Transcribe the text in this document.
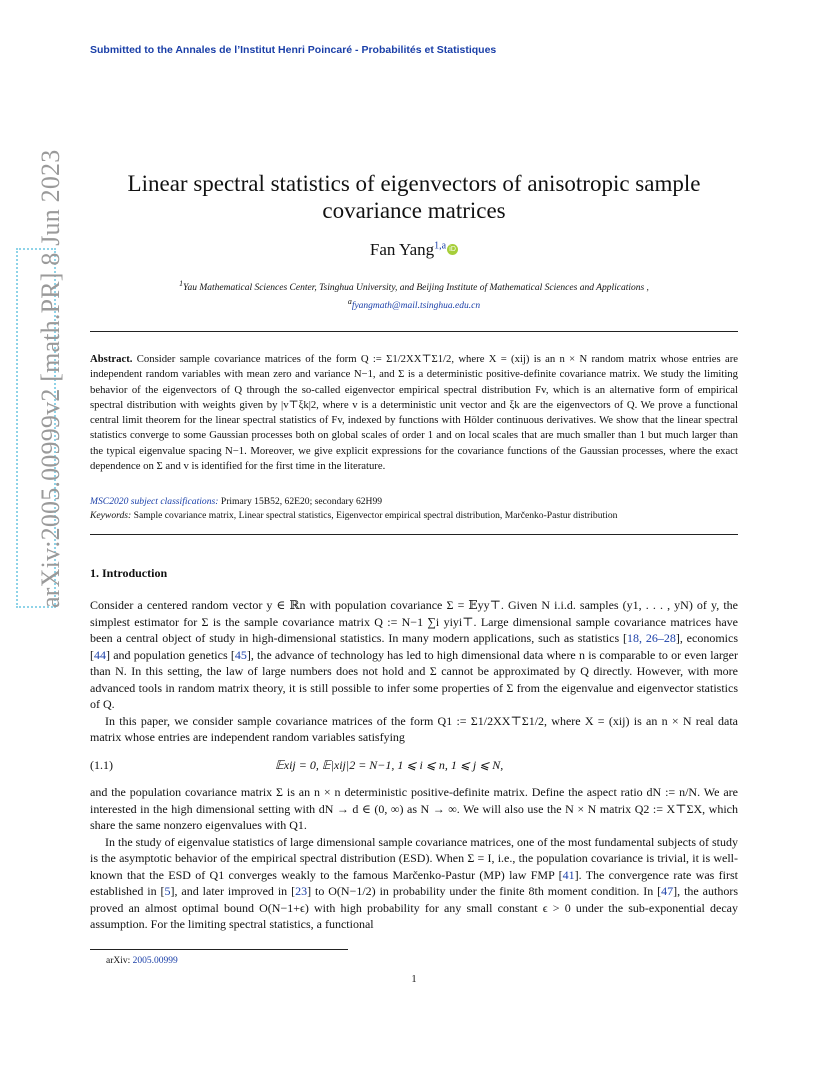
arXiv:2005.00999v2 [math.PR] 8 Jun 2023
Submitted to the Annales de l’Institut Henri Poincaré - Probabilités et Statistiques
Linear spectral statistics of eigenvectors of anisotropic sample covariance matrices
Fan Yang$^{1,a}$ iD
$^1$Yau Mathematical Sciences Center, Tsinghua University, and Beijing Institute of Mathematical Sciences and Applications ,
$^a$fyangmath@mail.tsinghua.edu.cn
Abstract. Consider sample covariance matrices of the form Q := Σ1/2XX⊤Σ1/2, where X = (xij) is an n × N random matrix whose entries are independent random variables with mean zero and variance N−1, and Σ is a deterministic positive-definite covariance matrix. We study the limiting behavior of the eigenvectors of Q through the so-called eigenvector empirical spectral distribution Fv, which is an alternative form of empirical spectral distribution with weights given by |v⊤ξk|2, where v is a deterministic unit vector and ξk are the eigenvectors of Q. We prove a functional central limit theorem for the linear spectral statistics of Fv, indexed by functions with Hölder continuous derivatives. We show that the linear spectral statistics converge to some Gaussian processes both on global scales of order 1 and on local scales that are much smaller than 1 but much larger than the typical eigenvalue spacing N−1. Moreover, we give explicit expressions for the covariance functions of the Gaussian processes, where the exact dependence on Σ and v is identified for the first time in the literature.
MSC2020 subject classifications: Primary 15B52, 62E20; secondary 62H99
Keywords: Sample covariance matrix, Linear spectral statistics, Eigenvector empirical spectral distribution, Marčenko-Pastur distribution
1. Introduction

Consider a centered random vector y ∈ ℝn with population covariance Σ = 𝔼yy⊤. Given N i.i.d. samples (y1, . . . , yN) of y, the simplest estimator for Σ is the sample covariance matrix Q := N−1 ∑i yiyi⊤. Large dimensional sample covariance matrices have been a central object of study in high-dimensional statistics. In many modern applications, such as statistics [18, 26–28], economics [44] and population genetics [45], the advance of technology has led to high dimensional data where n is comparable to or even larger than N. In this setting, the law of large numbers does not hold and Σ cannot be approximated by Q directly. However, with more advanced tools in random matrix theory, it is still possible to infer some properties of Σ from the eigenvalue and eigenvector statistics of Q.

In this paper, we consider sample covariance matrices of the form Q1 := Σ1/2XX⊤Σ1/2, where X = (xij) is an n × N real data matrix whose entries are independent random variables satisfying

(1.1)	𝔼xij = 0, 𝔼|xij|2 = N−1, 1 ⩽ i ⩽ n, 1 ⩽ j ⩽ N,

and the population covariance matrix Σ is an n × n deterministic positive-definite matrix. Define the aspect ratio dN := n/N. We are interested in the high dimensional setting with dN → d ∈ (0, ∞) as N → ∞. We will also use the N × N matrix Q2 := X⊤ΣX, which share the same nonzero eigenvalues with Q1.

In the study of eigenvalue statistics of large dimensional sample covariance matrices, one of the most fundamental subjects of study is the asymptotic behavior of the empirical spectral distribution (ESD). When Σ = I, i.e., the population covariance is trivial, it is well-known that the ESD of Q1 converges weakly to the famous Marčenko-Pastur (MP) law FMP [41]. The convergence rate was first established in [5], and later improved in [23] to O(N−1/2) in probability under the finite 8th moment condition. In [47], the authors proved an almost optimal bound O(N−1+ϵ) with high probability for any small constant ϵ > 0 under the sub-exponential decay assumption. For the limiting spectral statistics, a functional

arXiv: 2005.00999
1
